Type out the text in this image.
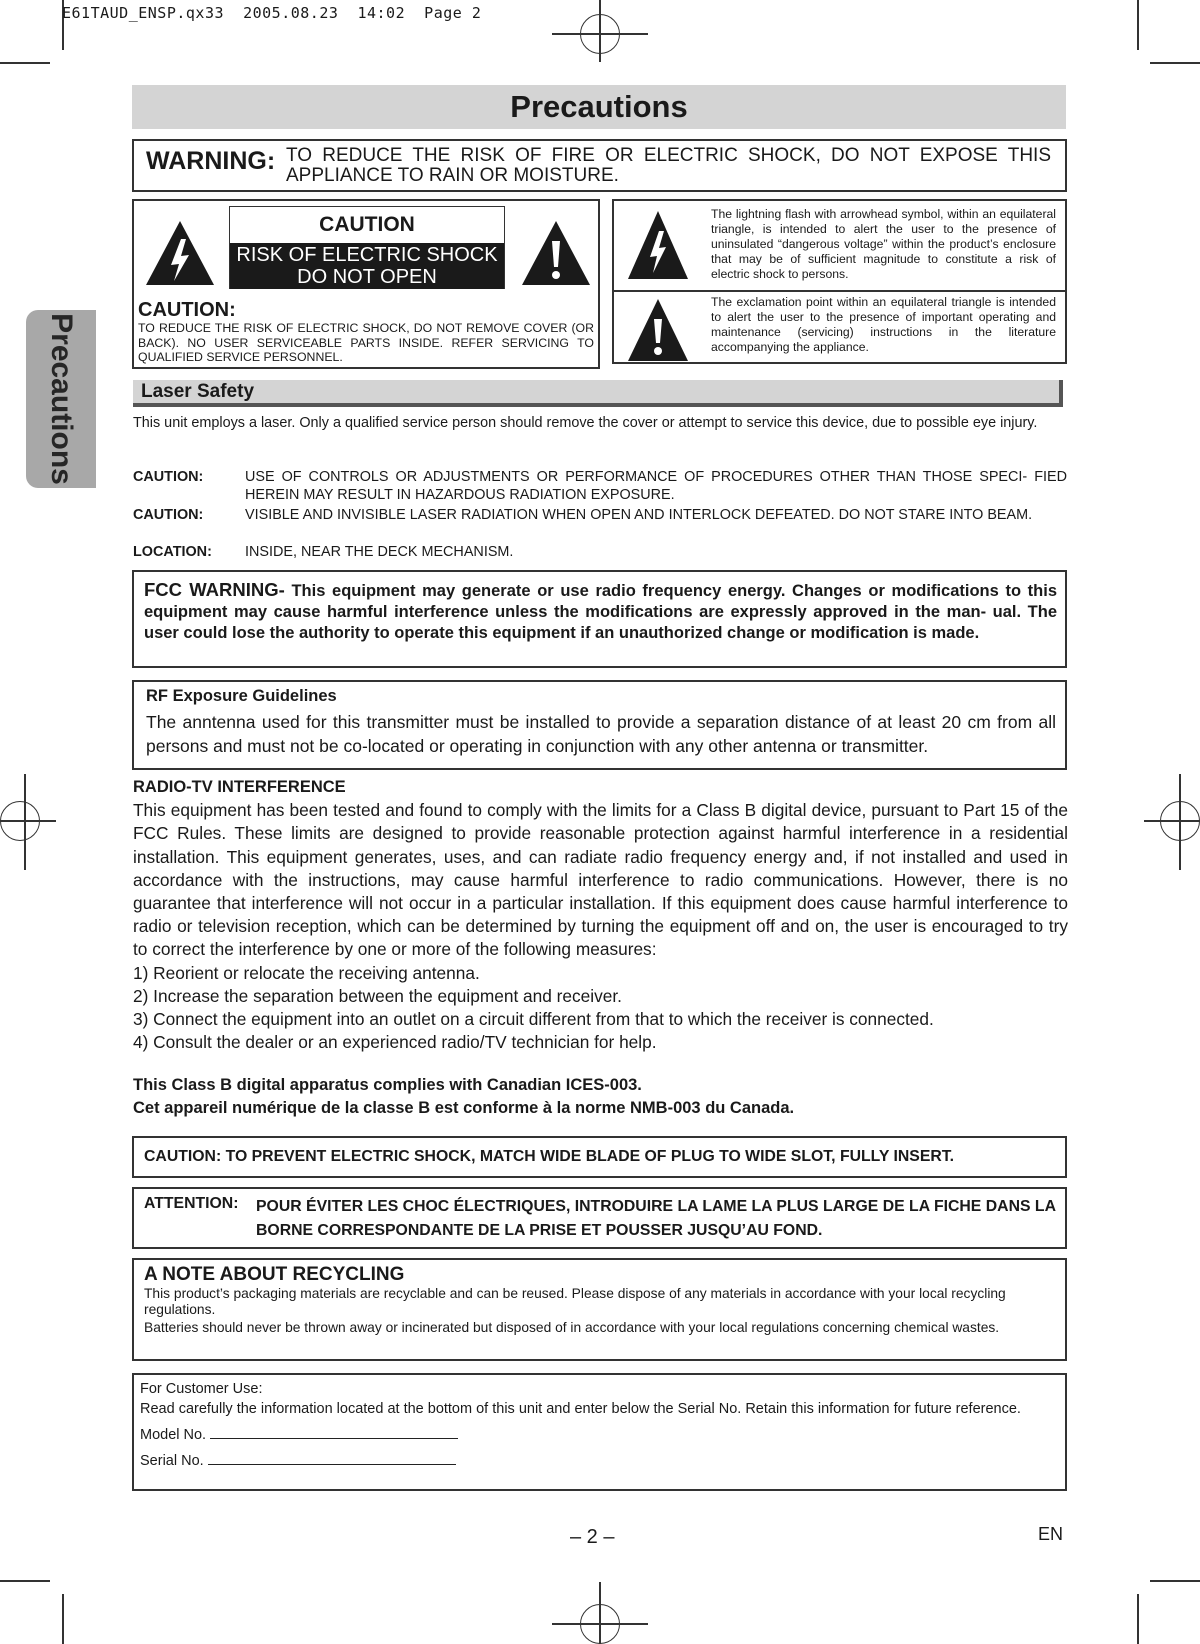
E61TAUD_ENSP.qx33  2005.08.23  14:02  Page 2
Precautions
Precautions
WARNING: TO REDUCE THE RISK OF FIRE OR ELECTRIC SHOCK, DO NOT EXPOSE THIS APPLIANCE TO RAIN OR MOISTURE.
CAUTION
RISK OF ELECTRIC SHOCK
DO NOT OPEN
CAUTION:
TO REDUCE THE RISK OF ELECTRIC SHOCK, DO NOT REMOVE COVER (OR BACK). NO USER SERVICEABLE PARTS INSIDE. REFER SERVICING TO QUALIFIED SERVICE PERSONNEL.
The lightning flash with arrowhead symbol, within an equilateral triangle, is intended to alert the user to the presence of uninsulated “dangerous voltage” within the product’s enclosure that may be of sufficient magnitude to constitute a risk of electric shock to persons.
The exclamation point within an equilateral triangle is intended to alert the user to the presence of important operating and maintenance (servicing) instructions in the literature accompanying the appliance.
Laser Safety
This unit employs a laser. Only a qualified service person should remove the cover or attempt to service this device, due to possible eye injury.
CAUTION:	USE OF CONTROLS OR ADJUSTMENTS OR PERFORMANCE OF PROCEDURES OTHER THAN THOSE SPECI- FIED HEREIN MAY RESULT IN HAZARDOUS RADIATION EXPOSURE.
CAUTION:	VISIBLE AND INVISIBLE LASER RADIATION WHEN OPEN AND INTERLOCK DEFEATED. DO NOT STARE INTO BEAM.
LOCATION: INSIDE, NEAR THE DECK MECHANISM.
FCC WARNING- This equipment may generate or use radio frequency energy. Changes or modifications to this equipment may cause harmful interference unless the modifications are expressly approved in the man- ual. The user could lose the authority to operate this equipment if an unauthorized change or modification is made.
RF Exposure Guidelines
The anntenna used for this transmitter must be installed to provide a separation distance of at least 20 cm from all persons and must not be co-located or operating in conjunction with any other antenna or transmitter.
RADIO-TV INTERFERENCE
This equipment has been tested and found to comply with the limits for a Class B digital device, pursuant to Part 15 of the FCC Rules. These limits are designed to provide reasonable protection against harmful interference in a residential installation. This equipment generates, uses, and can radiate radio frequency energy and, if not installed and used in accordance with the instructions, may cause harmful interference to radio communications. However, there is no guarantee that interference will not occur in a particular installation. If this equipment does cause harmful interference to radio or television reception, which can be determined by turning the equipment off and on, the user is encouraged to try to correct the interference by one or more of the following measures:
1) Reorient or relocate the receiving antenna.
2) Increase the separation between the equipment and receiver.
3) Connect the equipment into an outlet on a circuit different from that to which the receiver is connected.
4) Consult the dealer or an experienced radio/TV technician for help.
This Class B digital apparatus complies with Canadian ICES-003.
Cet appareil numérique de la classe B est conforme à la norme NMB-003 du Canada.
CAUTION: TO PREVENT ELECTRIC SHOCK, MATCH WIDE BLADE OF PLUG TO WIDE SLOT, FULLY INSERT.
ATTENTION: POUR ÉVITER LES CHOC ÉLECTRIQUES, INTRODUIRE LA LAME LA PLUS LARGE DE LA FICHE DANS LA BORNE CORRESPONDANTE DE LA PRISE ET POUSSER JUSQU’AU FOND.
A NOTE ABOUT RECYCLING

This product’s packaging materials are recyclable and can be reused. Please dispose of any materials in accordance with your local recycling regulations.

Batteries should never be thrown away or incinerated but disposed of in accordance with your local regulations concerning chemical wastes.

For Customer Use:

Read carefully the information located at the bottom of this unit and enter below the Serial No. Retain this information for future reference.

Model No.

Serial No.

– 2 –	EN
